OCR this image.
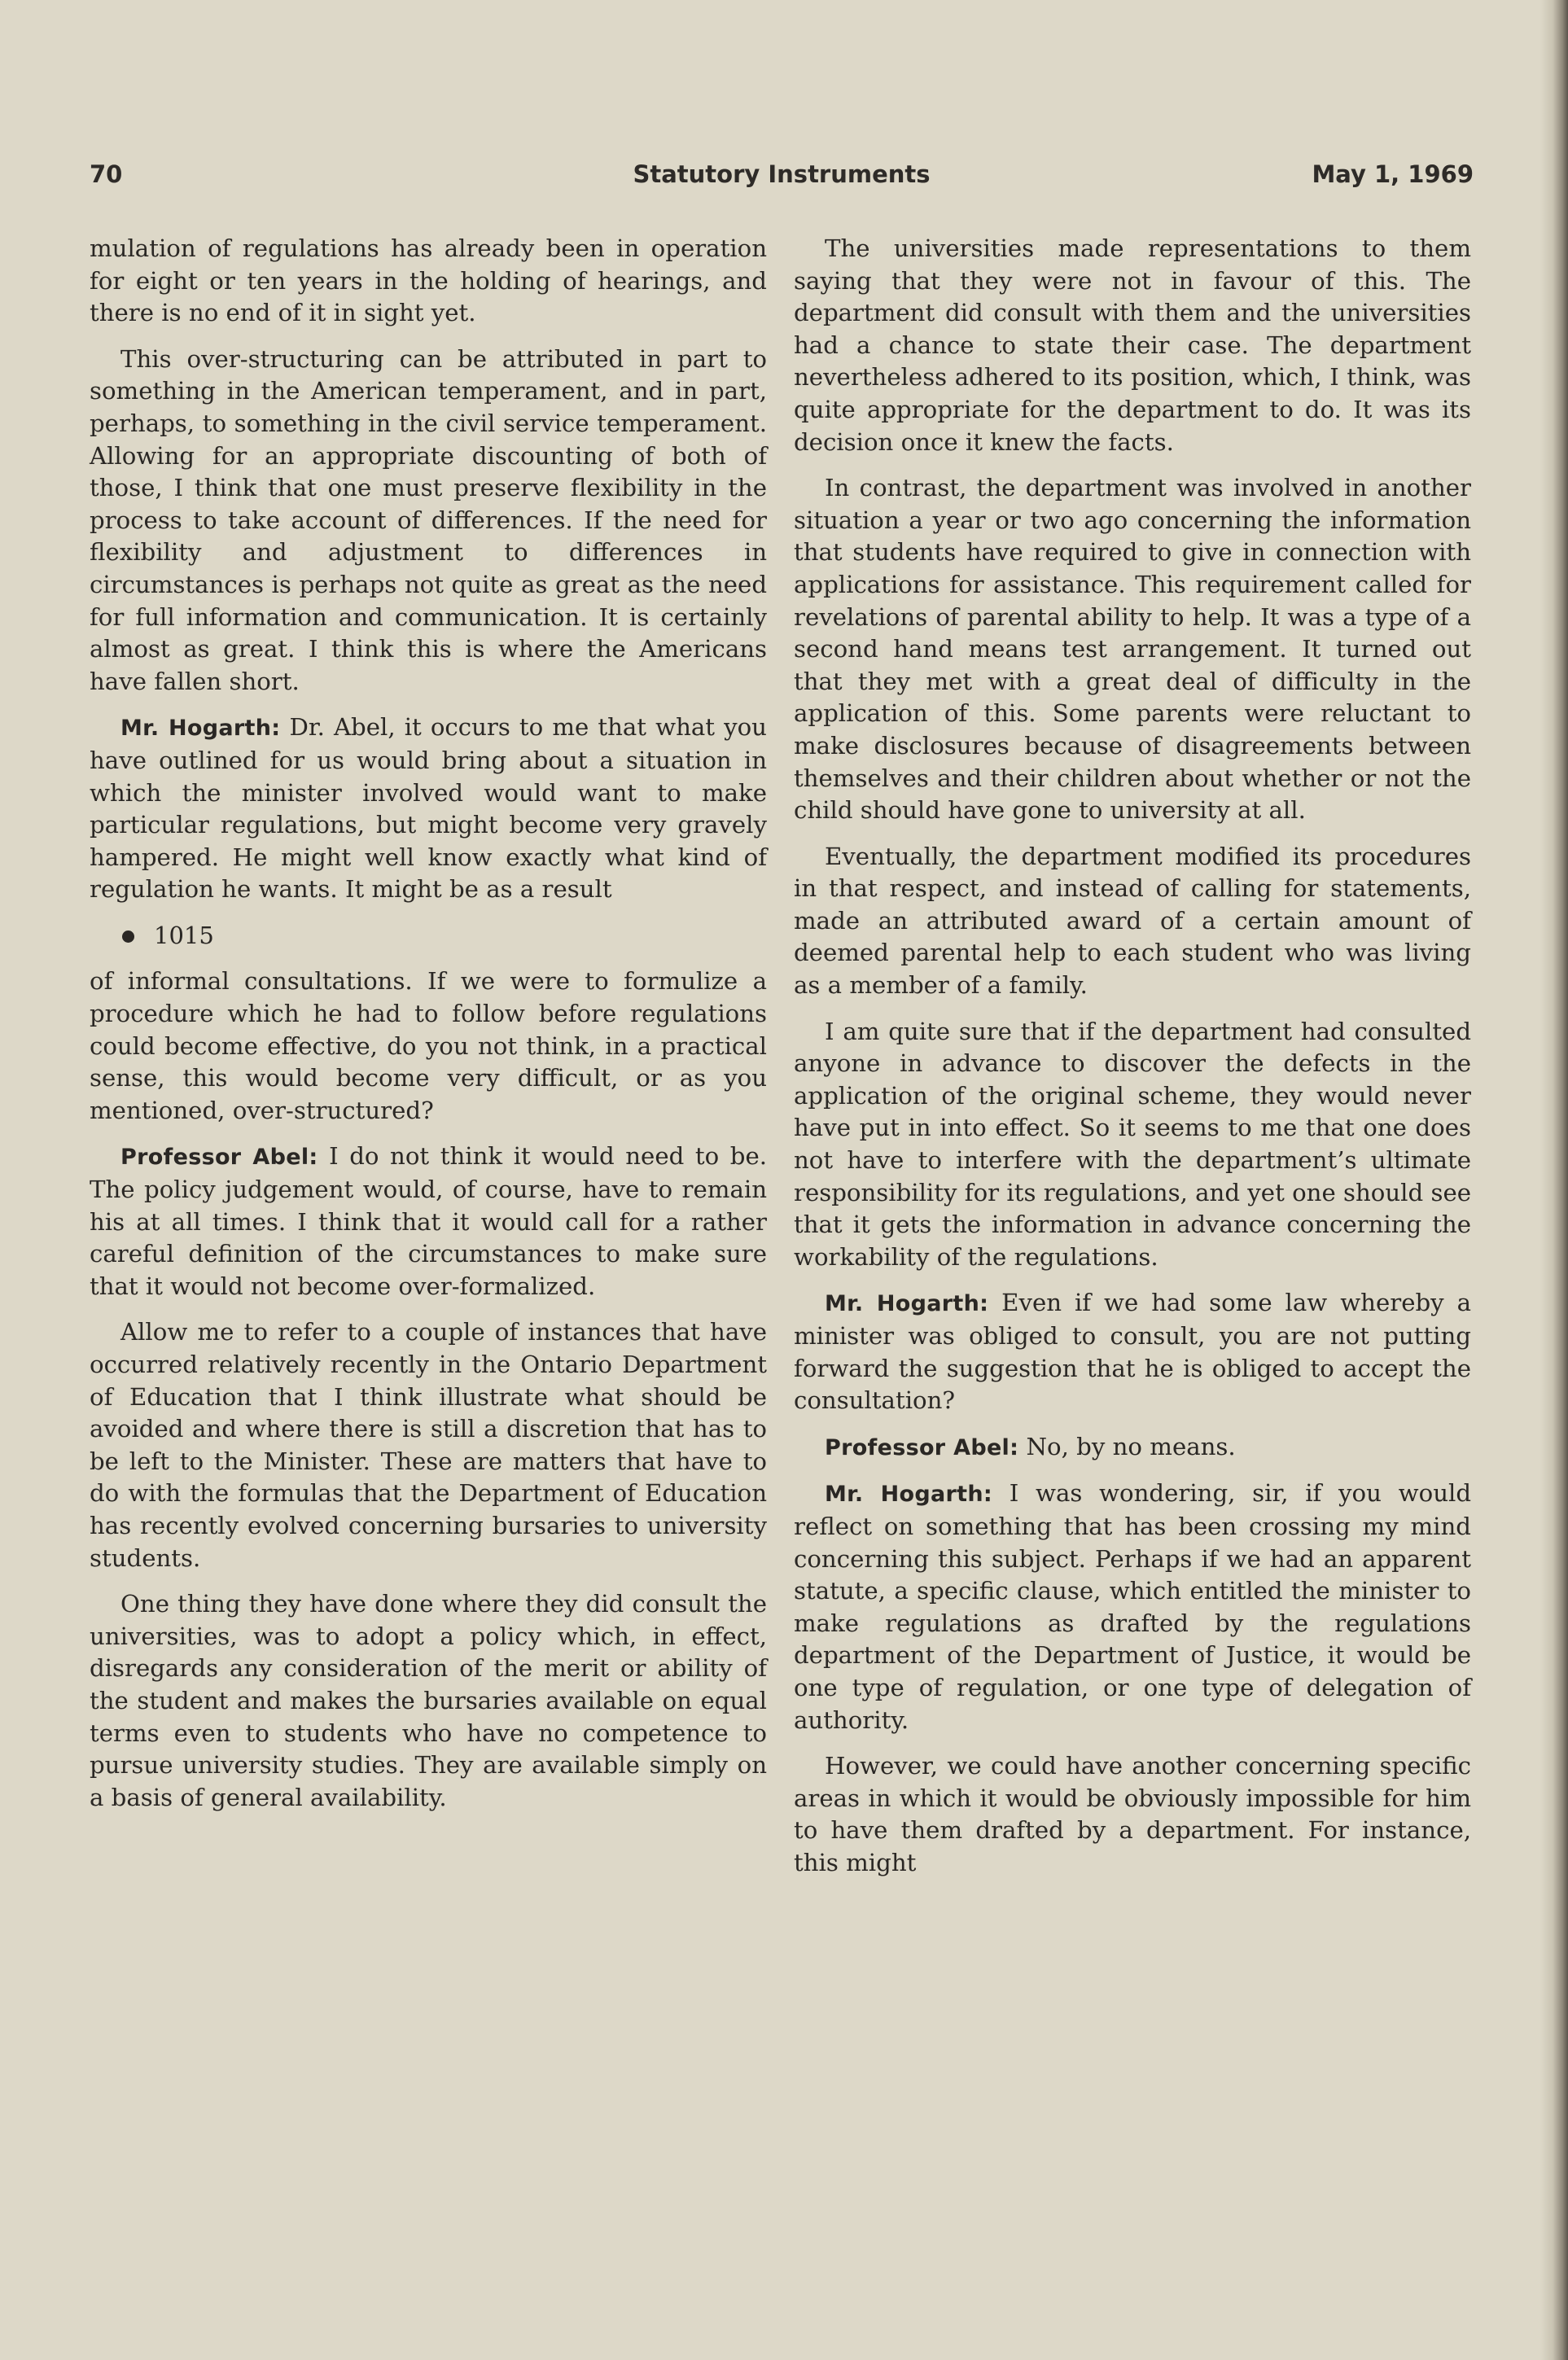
70	Statutory Instruments	May 1, 1969

mulation of regulations has already been in operation for eight or ten years in the holding of hearings, and there is no end of it in sight yet.

This over-structuring can be attributed in part to something in the American temperament, and in part, perhaps, to something in the civil service temperament. Allowing for an appropriate discounting of both of those, I think that one must preserve flexibility in the process to take account of differences. If the need for flexibility and adjustment to differences in circumstances is perhaps not quite as great as the need for full information and communication. It is certainly almost as great. I think this is where the Americans have fallen short.

Mr. Hogarth: Dr. Abel, it occurs to me that what you have outlined for us would bring about a situation in which the minister involved would want to make particular regulations, but might become very gravely hampered. He might well know exactly what kind of regulation he wants. It might be as a result

1015

of informal consultations. If we were to formulize a procedure which he had to follow before regulations could become effective, do you not think, in a practical sense, this would become very difficult, or as you mentioned, over-structured?

Professor Abel: I do not think it would need to be. The policy judgement would, of course, have to remain his at all times. I think that it would call for a rather careful definition of the circumstances to make sure that it would not become over-formalized.

Allow me to refer to a couple of instances that have occurred relatively recently in the Ontario Department of Education that I think illustrate what should be avoided and where there is still a discretion that has to be left to the Minister. These are matters that have to do with the formulas that the Department of Education has recently evolved concerning bursaries to university students.

One thing they have done where they did consult the universities, was to adopt a policy which, in effect, disregards any consideration of the merit or ability of the student and makes the bursaries available on equal terms even to students who have no competence to pursue university studies. They are available simply on a basis of general availability.

The universities made representations to them saying that they were not in favour of this. The department did consult with them and the universities had a chance to state their case. The department nevertheless adhered to its position, which, I think, was quite appropriate for the department to do. It was its decision once it knew the facts.

In contrast, the department was involved in another situation a year or two ago concerning the information that students have required to give in connection with applications for assistance. This requirement called for revelations of parental ability to help. It was a type of a second hand means test arrangement. It turned out that they met with a great deal of difficulty in the application of this. Some parents were reluctant to make disclosures because of disagreements between themselves and their children about whether or not the child should have gone to university at all.

Eventually, the department modified its procedures in that respect, and instead of calling for statements, made an attributed award of a certain amount of deemed parental help to each student who was living as a member of a family.

I am quite sure that if the department had consulted anyone in advance to discover the defects in the application of the original scheme, they would never have put in into effect. So it seems to me that one does not have to interfere with the department’s ultimate responsibility for its regulations, and yet one should see that it gets the information in advance concerning the workability of the regulations.

Mr. Hogarth: Even if we had some law whereby a minister was obliged to consult, you are not putting forward the suggestion that he is obliged to accept the consultation?

Professor Abel: No, by no means.

Mr. Hogarth: I was wondering, sir, if you would reflect on something that has been crossing my mind concerning this subject. Perhaps if we had an apparent statute, a specific clause, which entitled the minister to make regulations as drafted by the regulations department of the Department of Justice, it would be one type of regulation, or one type of delegation of authority.

However, we could have another concerning specific areas in which it would be obviously impossible for him to have them drafted by a department. For instance, this might
